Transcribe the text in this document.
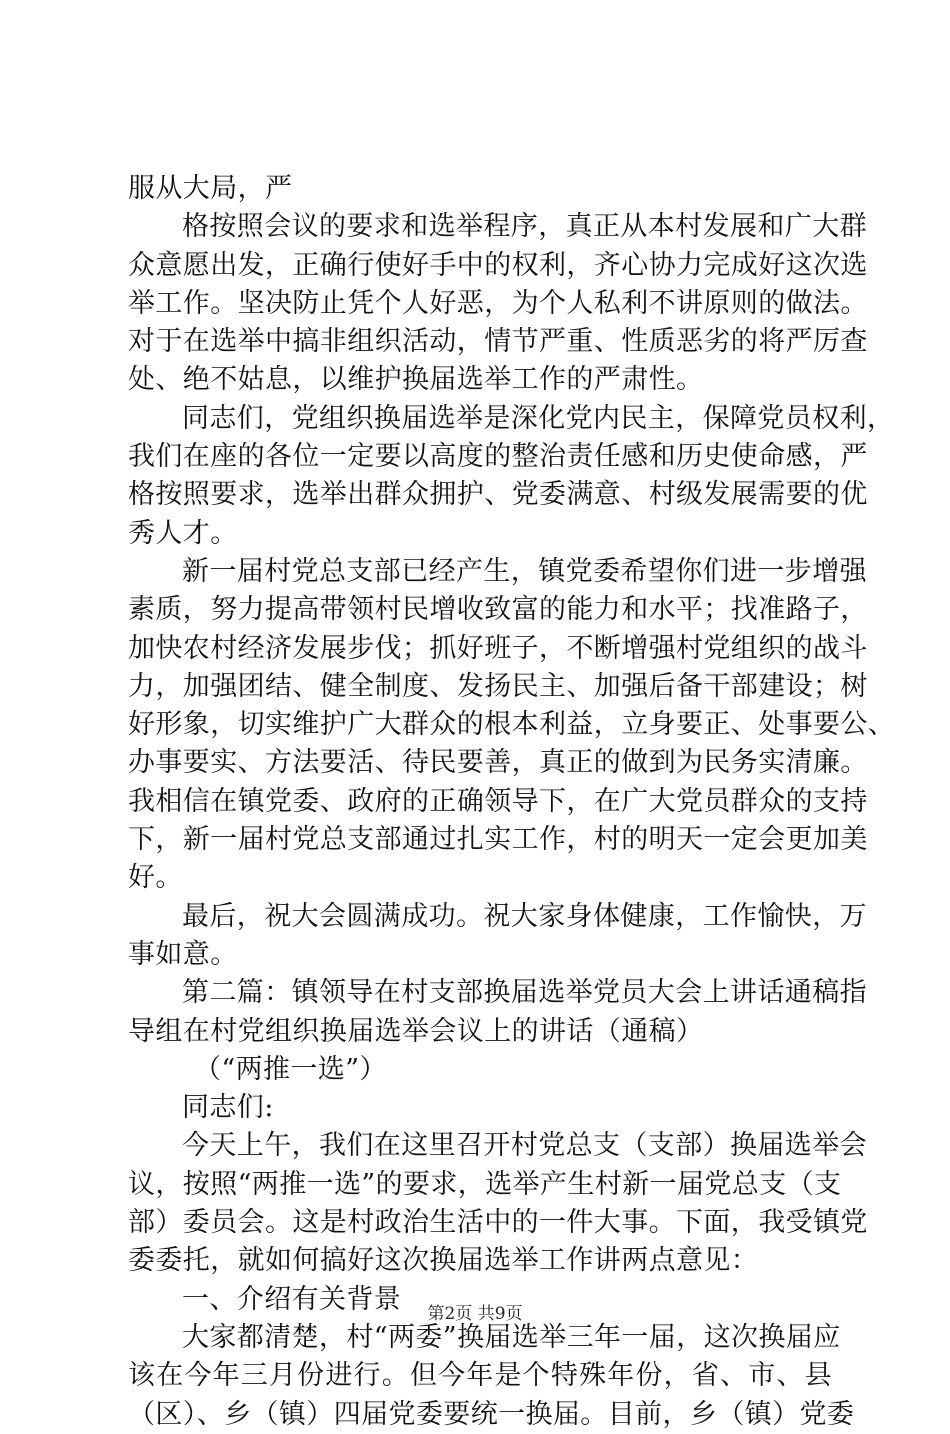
服从大局，严
格按照会议的要求和选举程序，真正从本村发展和广大群
众意愿出发，正确行使好手中的权利，齐心协力完成好这次选
举工作。坚决防止凭个人好恶，为个人私利不讲原则的做法。
对于在选举中搞非组织活动，情节严重、性质恶劣的将严厉查
处、绝不姑息，以维护换届选举工作的严肃性。
同志们，党组织换届选举是深化党内民主，保障党员权利，
我们在座的各位一定要以高度的整治责任感和历史使命感，严
格按照要求，选举出群众拥护、党委满意、村级发展需要的优
秀人才。
新一届村党总支部已经产生，镇党委希望你们进一步增强
素质，努力提高带领村民增收致富的能力和水平；找准路子，
加快农村经济发展步伐；抓好班子，不断增强村党组织的战斗
力，加强团结、健全制度、发扬民主、加强后备干部建设；树
好形象，切实维护广大群众的根本利益，立身要正、处事要公、
办事要实、方法要活、待民要善，真正的做到为民务实清廉。
我相信在镇党委、政府的正确领导下，在广大党员群众的支持
下，新一届村党总支部通过扎实工作，村的明天一定会更加美
好。
最后，祝大会圆满成功。祝大家身体健康，工作愉快，万
事如意。
第二篇：镇领导在村支部换届选举党员大会上讲话通稿指
导组在村党组织换届选举会议上的讲话（通稿）
（“两推一选”）
同志们:
今天上午，我们在这里召开村党总支（支部）换届选举会
议，按照“两推一选”的要求，选举产生村新一届党总支（支
部）委员会。这是村政治生活中的一件大事。下面，我受镇党
委委托，就如何搞好这次换届选举工作讲两点意见：
一、介绍有关背景
大家都清楚，村“两委”换届选举三年一届，这次换届应
该在今年三月份进行。但今年是个特殊年份，省、市、县
（区）、乡（镇）四届党委要统一换届。目前，乡（镇）党委
第2页 共9页
